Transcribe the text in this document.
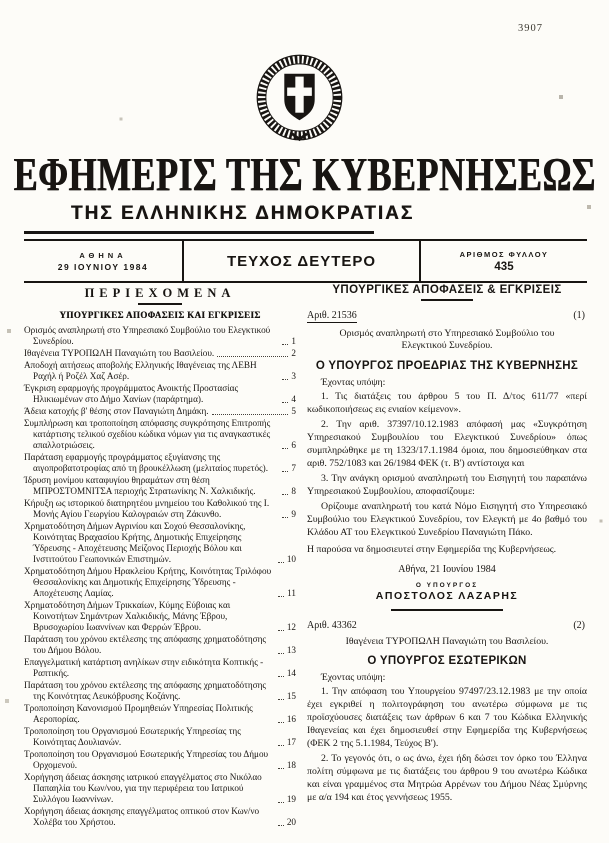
3907
ΕΦΗΜΕΡΙΣ ΤΗΣ ΚΥΒΕΡΝΗΣΕΩΣ
ΤΗΣ ΕΛΛΗΝΙΚΗΣ ΔΗΜΟΚΡΑΤΙΑΣ
ΑΘΗΝΑ
29 ΙΟΥΝΙΟΥ 1984	ΤΕΥΧΟΣ ΔΕΥΤΕΡΟ	ΑΡΙΘΜΟΣ ΦΥΛΛΟΥ
435
ΠΕΡΙΕΧΟΜΕΝΑ
ΥΠΟΥΡΓΙΚΕΣ ΑΠΟΦΑΣΕΙΣ ΚΑΙ ΕΓΚΡΙΣΕΙΣ
Ορισμός αναπληρωτή στο Υπηρεσιακό Συμβούλιο του Ελεγκτικού Συνεδρίου.	1
Ιθαγένεια ΤΥΡΟΠΩΛΗ Παναγιώτη του Βασιλείου.	2
Αποδοχή αιτήσεως αποβολής Ελληνικής Ιθαγένειας της ΛΕΒΗ Ραχήλ ή Ροζέλ Χαζ Ασέρ.	3
Έγκριση εφαρμογής προγράμματος Ανοικτής Προστασίας Ηλικιωμένων στο Δήμο Χανίων (παράρτημα).	4
Άδεια κατοχής β' θέσης στον Παναγιώτη Δημάκη.	5
Συμπλήρωση και τροποποίηση απόφασης συγκρότησης Επιτροπής κατάρτισης τελικού σχεδίου κώδικα νόμων για τις αναγκαστικές απαλλοτριώσεις.	6
Παράταση εφαρμογής προγράμματος εξυγίανσης της αιγοπροβατοτροφίας από τη βρουκέλλωση (μελιταίος πυρετός).	7
Ίδρυση μονίμου καταφυγίου θηραμάτων στη θέση ΜΠΡΟΣΤΟΜΝΙΤΣΑ περιοχής Στρατωνίκης Ν. Χαλκιδικής.	8
Κήρυξη ως ιστορικού διατηρητέου μνημείου του Καθολικού της Ι. Μονής Αγίου Γεωργίου Καλογραιών στη Ζάκυνθο.	9
Χρηματοδότηση Δήμων Αγρινίου και Σοχού Θεσσαλονίκης, Κοινότητας Βραχασίου Κρήτης, Δημοτικής Επιχείρησης Ύδρευσης - Αποχέτευσης Μείζονος Περιοχής Βόλου και Ινστιτούτου Γεωπονικών Επιστημών.	10
Χρηματοδότηση Δήμου Ηρακλείου Κρήτης, Κοινότητας Τριλόφου Θεσσαλονίκης και Δημοτικής Επιχείρησης Ύδρευσης - Αποχέτευσης Λαμίας.	11
Χρηματοδότηση Δήμων Τρικκαίων, Κύμης Εύβοιας και Κοινοτήτων Σημάντρων Χαλκιδικής, Μάνης Έβρου, Βρυσοχωρίου Ιωαννίνων και Φερρών Έβρου.	12
Παράταση του χρόνου εκτέλεσης της απόφασης χρηματοδότησης του Δήμου Βόλου.	13
Επαγγελματική κατάρτιση ανηλίκων στην ειδικότητα Κοπτικής - Ραπτικής.	14
Παράταση του χρόνου εκτέλεσης της απόφασης χρηματοδότησης της Κοινότητας Λευκόβρυσης Κοζάνης.	15
Τροποποίηση Κανονισμού Προμηθειών Υπηρεσίας Πολιτικής Αεροπορίας.	16
Τροποποίηση του Οργανισμού Εσωτερικής Υπηρεσίας της Κοινότητας Δουλιανών.	17
Τροποποίηση του Οργανισμού Εσωτερικής Υπηρεσίας του Δήμου Ορχομενού.	18
Χορήγηση άδειας άσκησης ιατρικού επαγγέλματος στο Νικόλαο Παπαηλία του Κων/νου, για την περιφέρεια του Ιατρικού Συλλόγου Ιωαννίνων.	19
Χορήγηση άδειας άσκησης επαγγέλματος οπτικού στον Κων/νο Χολέβα του Χρήστου.	20
ΥΠΟΥΡΓΙΚΕΣ ΑΠΟΦΑΣΕΙΣ & ΕΓΚΡΙΣΕΙΣ
Αριθ. 21536	(1)
Ορισμός αναπληρωτή στο Υπηρεσιακό Συμβούλιο του Ελεγκτικού Συνεδρίου.
Ο ΥΠΟΥΡΓΟΣ ΠΡΟΕΔΡΙΑΣ ΤΗΣ ΚΥΒΕΡΝΗΣΗΣ
Έχοντας υπόψη:
1. Τις διατάξεις του άρθρου 5 του Π. Δ/τος 611/77 «περί κωδικοποιήσεως εις ενιαίον κείμενον».
2. Την αριθ. 37397/10.12.1983 απόφασή μας «Συγκρότηση Υπηρεσιακού Συμβουλίου του Ελεγκτικού Συνεδρίου» όπως συμπληρώθηκε με τη 1323/17.1.1984 όμοια, που δημοσιεύθηκαν στα αριθ. 752/1083 και 26/1984 ΦΕΚ (τ. Β') αντίστοιχα και
3. Την ανάγκη ορισμού αναπληρωτή του Εισηγητή του παραπάνω Υπηρεσιακού Συμβουλίου, αποφασίζουμε:
Ορίζουμε αναπληρωτή του κατά Νόμο Εισηγητή στο Υπηρεσιακό Συμβούλιο του Ελεγκτικού Συνεδρίου, τον Ελεγκτή με 4ο βαθμό του Κλάδου ΑΤ του Ελεγκτικού Συνεδρίου Παναγιώτη Πάκο.
Η παρούσα να δημοσιευτεί στην Εφημερίδα της Κυβερνήσεως.
Αθήνα, 21 Ιουνίου 1984
Ο ΥΠΟΥΡΓΟΣ
ΑΠΟΣΤΟΛΟΣ ΛΑΖΑΡΗΣ
Αριθ. 43362	(2)
Ιθαγένεια ΤΥΡΟΠΩΛΗ Παναγιώτη του Βασιλείου.
Ο ΥΠΟΥΡΓΟΣ ΕΣΩΤΕΡΙΚΩΝ
Έχοντας υπόψη:
1. Την απόφαση του Υπουργείου 97497/23.12.1983 με την οποία έχει εγκριθεί η πολιτογράφηση του ανωτέρω σύμφωνα με τις προϊσχύουσες διατάξεις των άρθρων 6 και 7 του Κώδικα Ελληνικής Ιθαγενείας και έχει δημοσιευθεί στην Εφημερίδα της Κυβερνήσεως (ΦΕΚ 2 της 5.1.1984, Τεύχος Β').
2. Το γεγονός ότι, ο ως άνω, έχει ήδη δώσει τον όρκο του Έλληνα πολίτη σύμφωνα με τις διατάξεις του άρθρου 9 του ανωτέρω Κώδικα και είναι γραμμένος στα Μητρώα Αρρένων του Δήμου Νέας Σμύρνης με α/α 194 και έτος γεννήσεως 1955.
